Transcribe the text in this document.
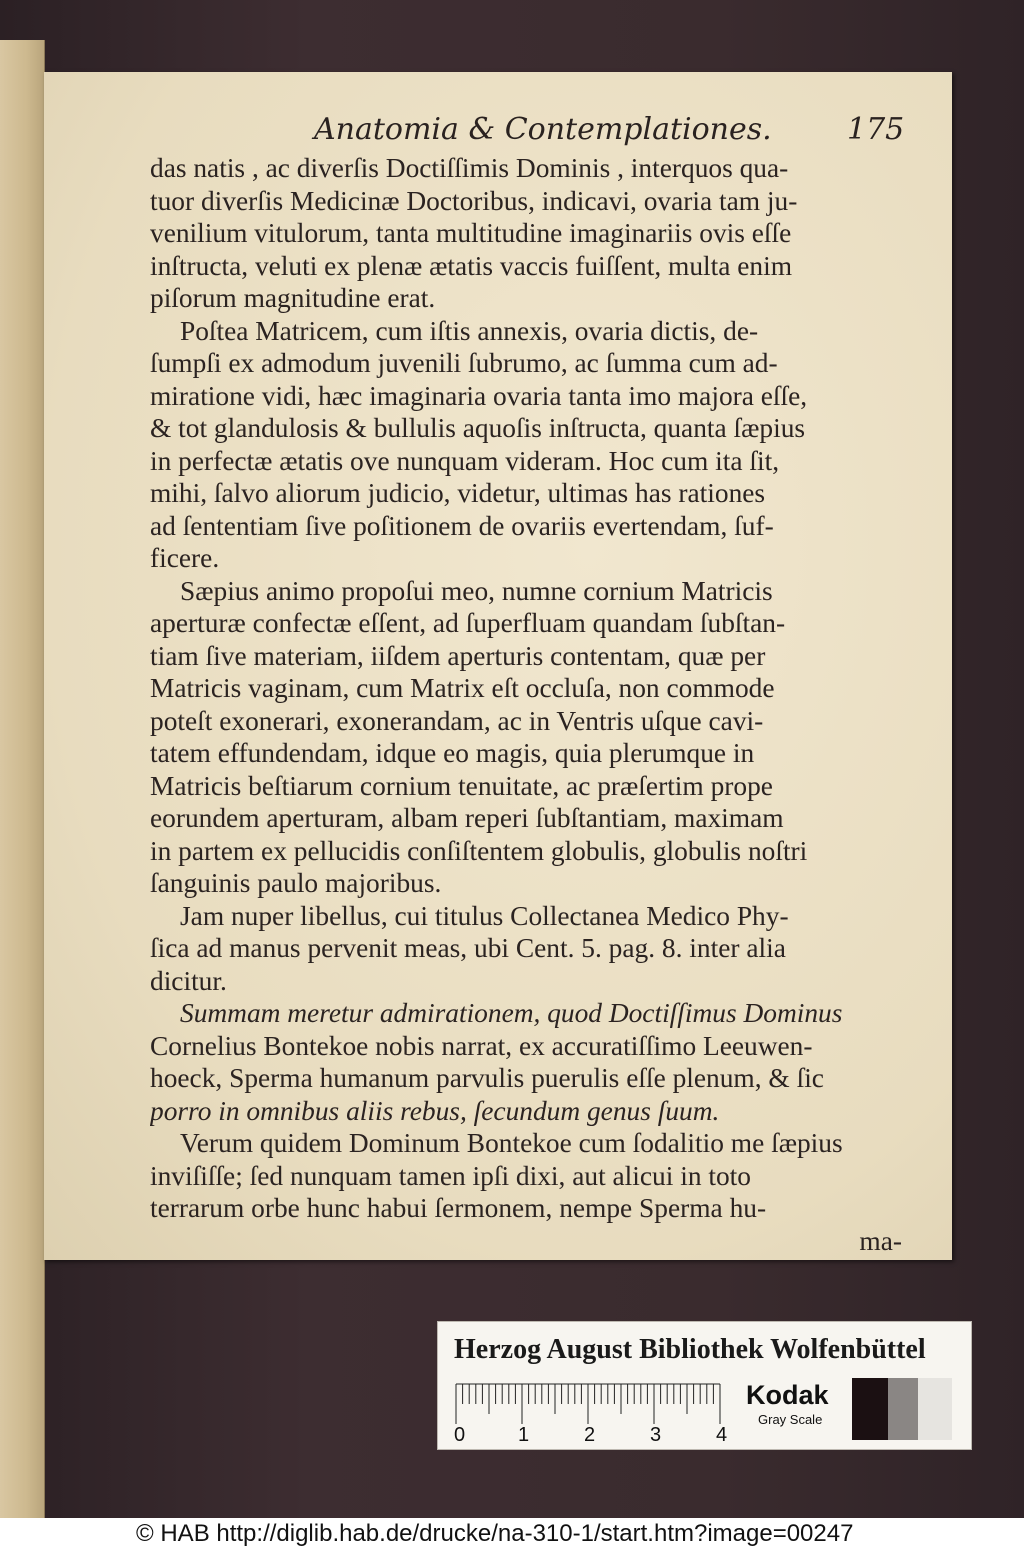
Anatomia & Contemplationes.	175
das natis , ac diverſis Doctiſſimis Dominis , interquos qua-
tuor diverſis Medicinæ Doctoribus, indicavi, ovaria tam ju-
venilium vitulorum, tanta multitudine imaginariis ovis eſſe
inſtructa, veluti ex plenæ ætatis vaccis fuiſſent, multa enim
piſorum magnitudine erat.
Poſtea Matricem, cum iſtis annexis, ovaria dictis, de-
ſumpſi ex admodum juvenili ſubrumo, ac ſumma cum ad-
miratione vidi, hæc imaginaria ovaria tanta imo majora eſſe,
& tot glandulosis & bullulis aquoſis inſtructa, quanta ſæpius
in perfectæ ætatis ove nunquam videram. Hoc cum ita ſit,
mihi, ſalvo aliorum judicio, videtur, ultimas has rationes
ad ſententiam ſive poſitionem de ovariis evertendam, ſuf-
ficere.
Sæpius animo propoſui meo, numne cornium Matricis
aperturæ confectæ eſſent, ad ſuperfluam quandam ſubſtan-
tiam ſive materiam, iiſdem aperturis contentam, quæ per
Matricis vaginam, cum Matrix eſt occluſa, non commode
poteſt exonerari, exonerandam, ac in Ventris uſque cavi-
tatem effundendam, idque eo magis, quia plerumque in
Matricis beſtiarum cornium tenuitate, ac præſertim prope
eorundem aperturam, albam reperi ſubſtantiam, maximam
in partem ex pellucidis conſiſtentem globulis, globulis noſtri
ſanguinis paulo majoribus.
Jam nuper libellus, cui titulus Collectanea Medico Phy-
ſica ad manus pervenit meas, ubi Cent. 5. pag. 8. inter alia
dicitur.
Summam meretur admirationem, quod Doctiſſimus Dominus
Cornelius Bontekoe nobis narrat, ex accuratiſſimo Leeuwen-
hoeck, Sperma humanum parvulis puerulis eſſe plenum, & ſic
porro in omnibus aliis rebus, ſecundum genus ſuum.
Verum quidem Dominum Bontekoe cum ſodalitio me ſæpius
inviſiſſe; ſed nunquam tamen ipſi dixi, aut alicui in toto
terrarum orbe hunc habui ſermonem, nempe Sperma hu-
ma-
Herzog August Bibliothek Wolfenbüttel
0	1	2	3	4
Kodak
Gray Scale
© HAB http://diglib.hab.de/drucke/na-310-1/start.htm?image=00247
